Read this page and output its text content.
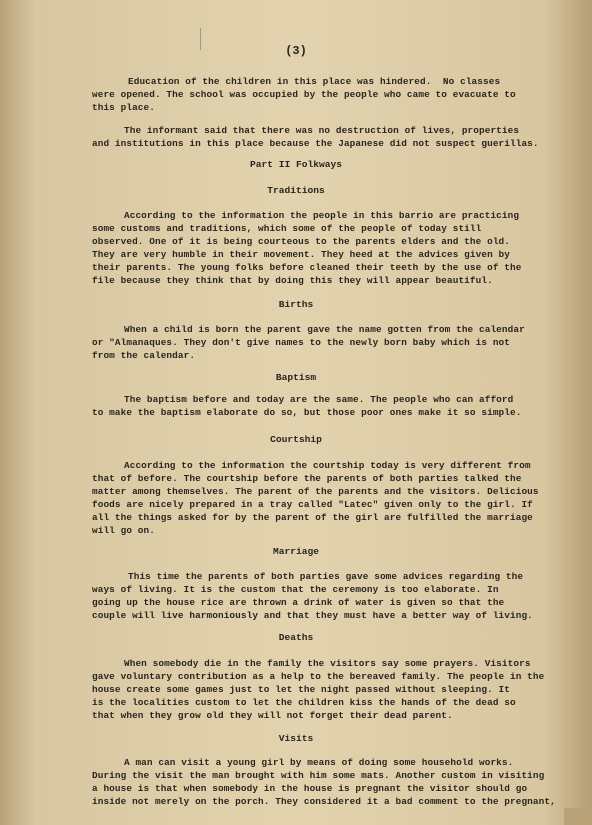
(3)
Part II Folkways
Traditions
Births
Baptism
Courtship
Marriage
Deaths
Visits
Education of the children in this place was hindered.  No classes
were opened. The school was occupied by the people who came to evacuate to
this place.
The informant said that there was no destruction of lives, properties
and institutions in this place because the Japanese did not suspect guerillas.
According to the information the people in this barrio are practicing
some customs and traditions, which some of the people of today still
observed. One of it is being courteous to the parents elders and the old.
They are very humble in their movement. They heed at the advices given by
their parents. The young folks before cleaned their teeth by the use of the
file because they think that by doing this they will appear beautiful.
When a child is born the parent gave the name gotten from the calendar
or "Almanaques. They don't give names to the newly born baby which is not
from the calendar.
The baptism before and today are the same. The people who can afford
to make the baptism elaborate do so, but those poor ones make it so simple.
According to the information the courtship today is very different from
that of before. The courtship before the parents of both parties talked the
matter among themselves. The parent of the parents and the visitors. Delicious
foods are nicely prepared in a tray called "Latec" given only to the girl. If
all the things asked for by the parent of the girl are fulfilled the marriage
will go on.
This time the parents of both parties gave some advices regarding the
ways of living. It is the custom that the ceremony is too elaborate. In
going up the house rice are thrown a drink of water is given so that the
couple will live harmoniously and that they must have a better way of living.
When somebody die in the family the visitors say some prayers. Visitors
gave voluntary contribution as a help to the bereaved family. The people in the
house create some games just to let the night passed without sleeping. It
is the localities custom to let the children kiss the hands of the dead so
that when they grow old they will not forget their dead parent.
A man can visit a young girl by means of doing some household works.
During the visit the man brought with him some mats. Another custom in visiting
a house is that when somebody in the house is pregnant the visitor should go
inside not merely on the porch. They considered it a bad comment to the pregnant,
